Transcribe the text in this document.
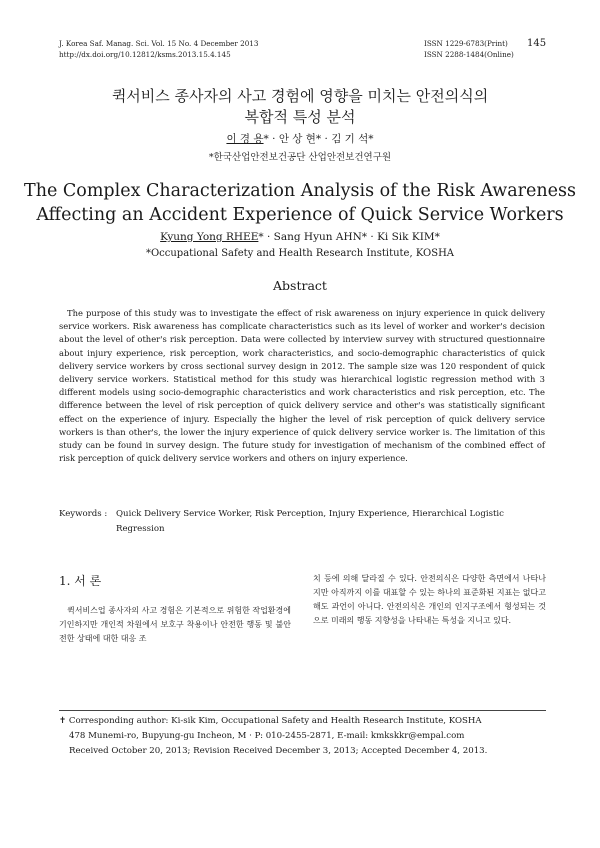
J. Korea Saf. Manag. Sci. Vol. 15 No. 4 December 2013
http://dx.doi.org/10.12812/ksms.2013.15.4.145
ISSN 1229-6783(Print)
ISSN 2288-1484(Online)
145
퀵서비스 종사자의 사고 경험에 영향을 미치는 안전의식의
복합적 특성 분석
이 경 용* · 안 상 현* · 김 기 석*
*한국산업안전보건공단 산업안전보건연구원
The Complex Characterization Analysis of the Risk Awareness
Affecting an Accident Experience of Quick Service Workers
Kyung Yong RHEE* · Sang Hyun AHN* · Ki Sik KIM*
*Occupational Safety and Health Research Institute, KOSHA
Abstract

The purpose of this study was to investigate the effect of risk awareness on injury experience in quick delivery service workers. Risk awareness has complicate characteristics such as its level of worker and worker's decision about the level of other's risk perception. Data were collected by interview survey with structured questionnaire about injury experience, risk perception, work characteristics, and socio-demographic characteristics of quick delivery service workers by cross sectional survey design in 2012. The sample size was 120 respondent of quick delivery service workers. Statistical method for this study was hierarchical logistic regression method with 3 different models using socio-demographic characteristics and work characteristics and risk perception, etc. The difference between the level of risk perception of quick delivery service and other's was statistically significant effect on the experience of injury. Especially the higher the level of risk perception of quick delivery service workers is than other's, the lower the injury experience of quick delivery service worker is. The limitation of this study can be found in survey design. The future study for investigation of mechanism of the combined effect of risk perception of quick delivery service workers and others on injury experience.

Keywords : Quick Delivery Service Worker, Risk Perception, Injury Experience, Hierarchical Logistic
Regression
1. 서 론

퀵서비스업 종사자의 사고 경험은 기본적으로 위험한 작업환경에 기인하지만 개인적 차원에서 보호구 착용이나 안전한 행동 및 불안전한 상태에 대한 대응 조

치 등에 의해 달라질 수 있다. 안전의식은 다양한 측면에서 나타나지만 아직까지 이를 대표할 수 있는 하나의 표준화된 지표는 없다고 해도 과언이 아니다. 안전의식은 개인의 인지구조에서 형성되는 것으로 미래의 행동 지향성을 나타내는 특성을 지니고 있다.

✝ Corresponding author: Ki-sik Kim, Occupational Safety and Health Research Institute, KOSHA
478 Munemi-ro, Bupyung-gu Incheon, M · P: 010-2455-2871, E-mail: kmkskkr@empal.com
Received October 20, 2013; Revision Received December 3, 2013; Accepted December 4, 2013.
